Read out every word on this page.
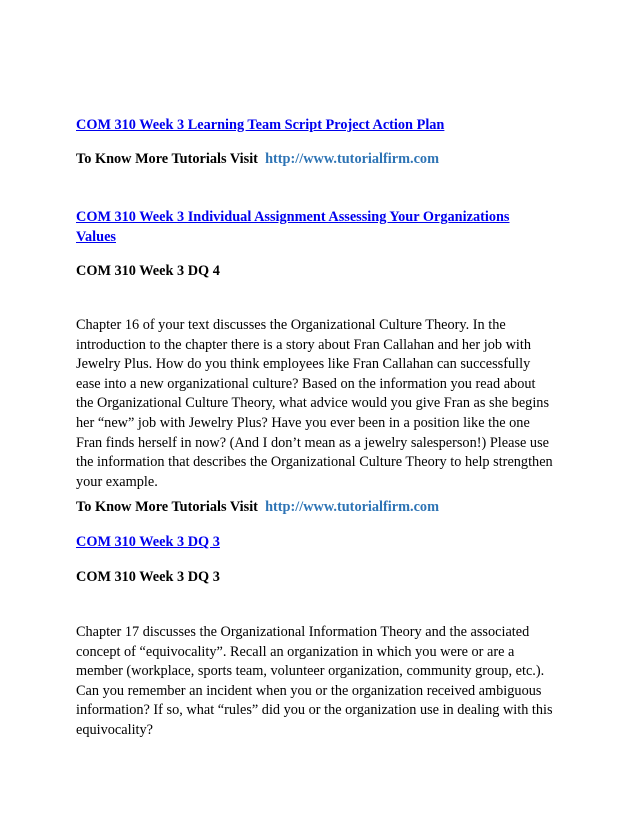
COM 310 Week 3 Learning Team Script Project Action Plan
To Know More Tutorials Visit http://www.tutorialfirm.com
COM 310 Week 3 Individual Assignment Assessing Your Organizations
Values
COM 310 Week 3 DQ 4
Chapter 16 of your text discusses the Organizational Culture Theory. In the
introduction to the chapter there is a story about Fran Callahan and her job with
Jewelry Plus. How do you think employees like Fran Callahan can successfully
ease into a new organizational culture? Based on the information you read about
the Organizational Culture Theory, what advice would you give Fran as she begins
her “new” job with Jewelry Plus? Have you ever been in a position like the one
Fran finds herself in now? (And I don’t mean as a jewelry salesperson!) Please use
the information that describes the Organizational Culture Theory to help strengthen
your example.
To Know More Tutorials Visit http://www.tutorialfirm.com
COM 310 Week 3 DQ 3
COM 310 Week 3 DQ 3
Chapter 17 discusses the Organizational Information Theory and the associated
concept of “equivocality”. Recall an organization in which you were or are a
member (workplace, sports team, volunteer organization, community group, etc.).
Can you remember an incident when you or the organization received ambiguous
information? If so, what “rules” did you or the organization use in dealing with this
equivocality?
